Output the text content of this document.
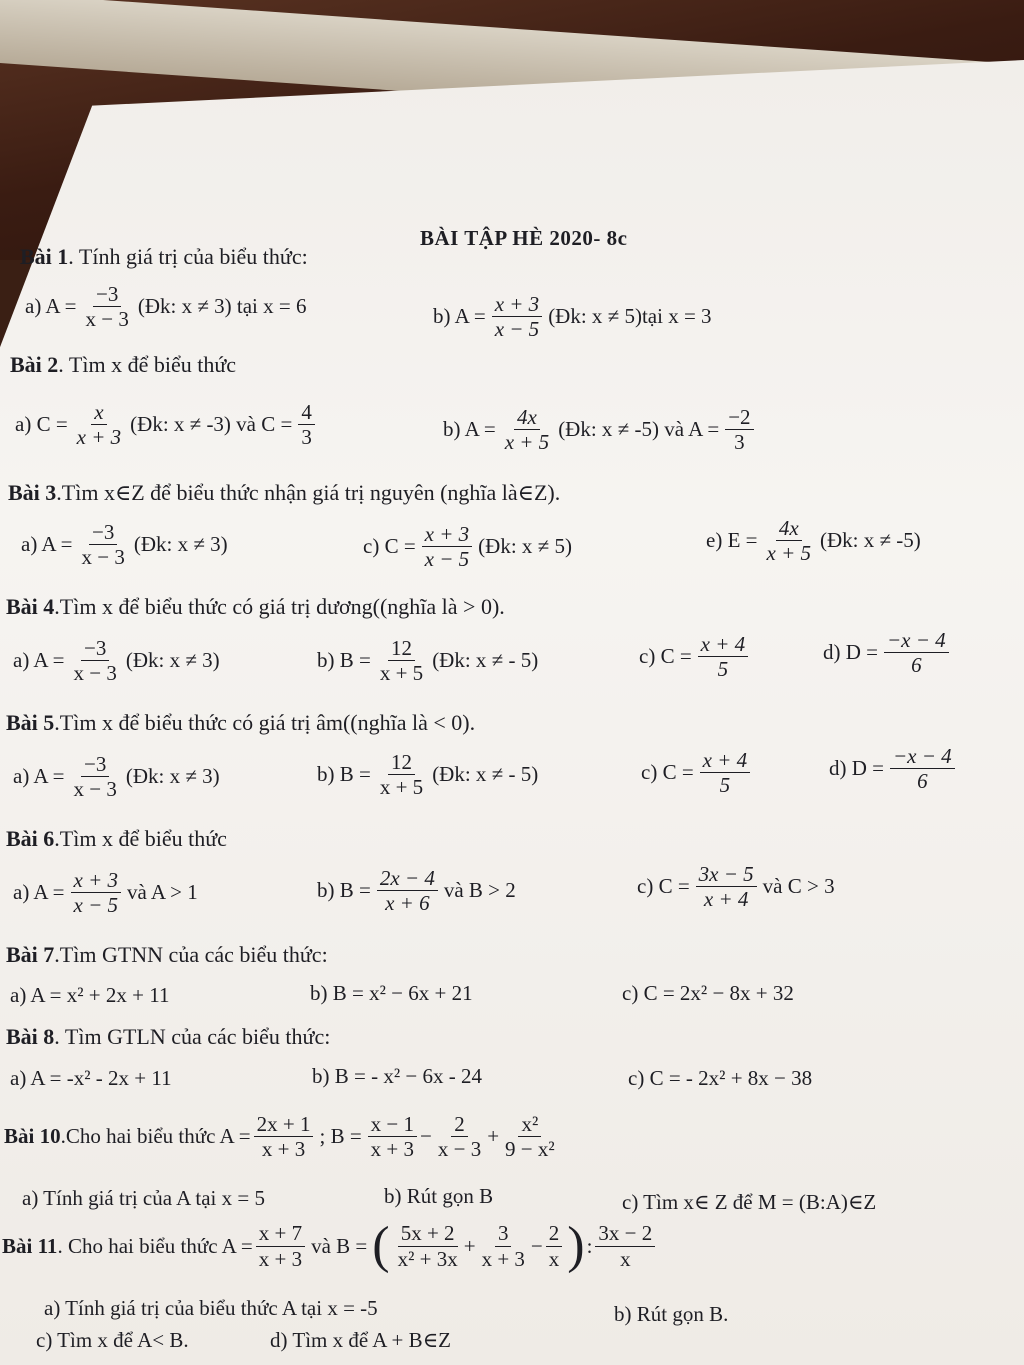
BÀI TẬP HÈ 2020- 8c
Bài 1. Tính giá trị của biểu thức:
a) $A = \frac{-3}{x - 3}$ (Đk: x ≠ 3) tại x = 6	b) $A = \frac{x + 3}{x - 5}$ (Đk: x ≠ 5)tại x = 3
Bài 2. Tìm x để biểu thức
a) $C = \frac{x}{x + 3}$ (Đk: x ≠ -3) và $C = \frac{4}{3}$	b) $A = \frac{4x}{x + 5}$ (Đk: x ≠ -5) và $A = \frac{-2}{3}$
Bài 3.Tìm x∈Z để biểu thức nhận giá trị nguyên (nghĩa là∈Z).
a) $A = \frac{-3}{x - 3}$ (Đk: x ≠ 3)	c) $C = \frac{x + 3}{x - 5}$ (Đk: x ≠ 5)	e) $E = \frac{4x}{x + 5}$ (Đk: x ≠ -5)
Bài 4.Tìm x để biểu thức có giá trị dương((nghĩa là > 0).
a) $A = \frac{-3}{x - 3}$ (Đk: x ≠ 3)	b) $B = \frac{12}{x + 5}$ (Đk: x ≠ - 5)	c) $C = \frac{x + 4}{5}$	d) $D = \frac{-x - 4}{6}$
Bài 5.Tìm x để biểu thức có giá trị âm((nghĩa là < 0).
a) $A = \frac{-3}{x - 3}$ (Đk: x ≠ 3)	b) $B = \frac{12}{x + 5}$ (Đk: x ≠ - 5)	c) $C = \frac{x + 4}{5}$	d) $D = \frac{-x - 4}{6}$
Bài 6.Tìm x để biểu thức
a) $A = \frac{x + 3}{x - 5}$ và A > 1	b) $B = \frac{2x - 4}{x + 6}$ và B > 2	c) $C = \frac{3x - 5}{x + 4}$ và C > 3
Bài 7.Tìm GTNN của các biểu thức:
a) A = x² + 2x + 11	b) B = x² − 6x + 21	c) C = 2x² − 8x + 32
Bài 8. Tìm GTLN của các biểu thức:
a) A = -x² - 2x + 11	b) B = - x² − 6x - 24	c) C = - 2x² + 8x − 38
Bài 10 .Cho hai biểu thức $A = \frac{2x + 1}{x + 3}$ ; $B = \frac{x - 1}{x + 3} - \frac{2}{x - 3} + \frac{\text{x²}}{\text{9 − x²}}$
a) Tính giá trị của A tại x = 5	b) Rút gọn B	c) Tìm x∈ Z để M = (B:A)∈Z
Bài 11 . Cho hai biểu thức $A = \frac{x + 7}{x + 3}$ và B = ( $\frac{5x + 2}{\text{x² + 3x}} + \frac{3}{x + 3} - \frac{2}{x}$ ) : $\frac{3x - 2}{x}$
a) Tính giá trị của biểu thức A tại x = -5	b) Rút gọn B.
c) Tìm x để A< B.	d) Tìm x để A + B∈Z
